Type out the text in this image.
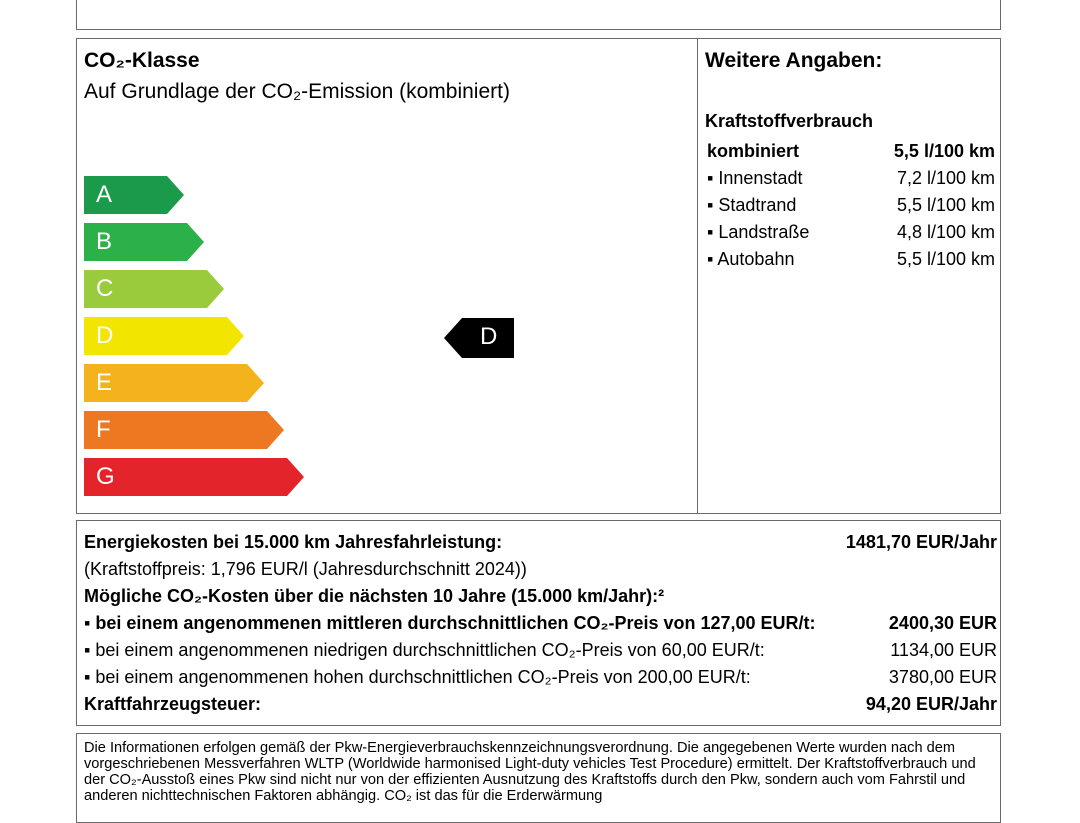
CO₂-Klasse
Auf Grundlage der CO₂-Emission (kombiniert)
A
B
C
D
E
F
G
D
Weitere Angaben:
Kraftstoffverbrauch
kombiniert	5,5 l/100 km
▪ Innenstadt	7,2 l/100 km
▪ Stadtrand	5,5 l/100 km
▪ Landstraße	4,8 l/100 km
▪ Autobahn	5,5 l/100 km
Energiekosten bei 15.000 km Jahresfahrleistung:	1481,70 EUR/Jahr
(Kraftstoffpreis: 1,796 EUR/l (Jahresdurchschnitt 2024))
Mögliche CO₂-Kosten über die nächsten 10 Jahre (15.000 km/Jahr):²
▪ bei einem angenommenen mittleren durchschnittlichen CO₂-Preis von 127,00 EUR/t:	2400,30 EUR
▪ bei einem angenommenen niedrigen durchschnittlichen CO₂-Preis von 60,00 EUR/t:	1134,00 EUR
▪ bei einem angenommenen hohen durchschnittlichen CO₂-Preis von 200,00 EUR/t:	3780,00 EUR
Kraftfahrzeugsteuer:	94,20 EUR/Jahr
Die Informationen erfolgen gemäß der Pkw-Energieverbrauchskennzeichnungsverordnung. Die angegebenen Werte wurden nach dem vorgeschriebenen Messverfahren WLTP (Worldwide harmonised Light-duty vehicles Test Procedure) ermittelt. Der Kraftstoffverbrauch und der CO₂-Ausstoß eines Pkw sind nicht nur von der effizienten Ausnutzung des Kraftstoffs durch den Pkw, sondern auch vom Fahrstil und anderen nichttechnischen Faktoren abhängig. CO₂ ist das für die Erderwärmung
